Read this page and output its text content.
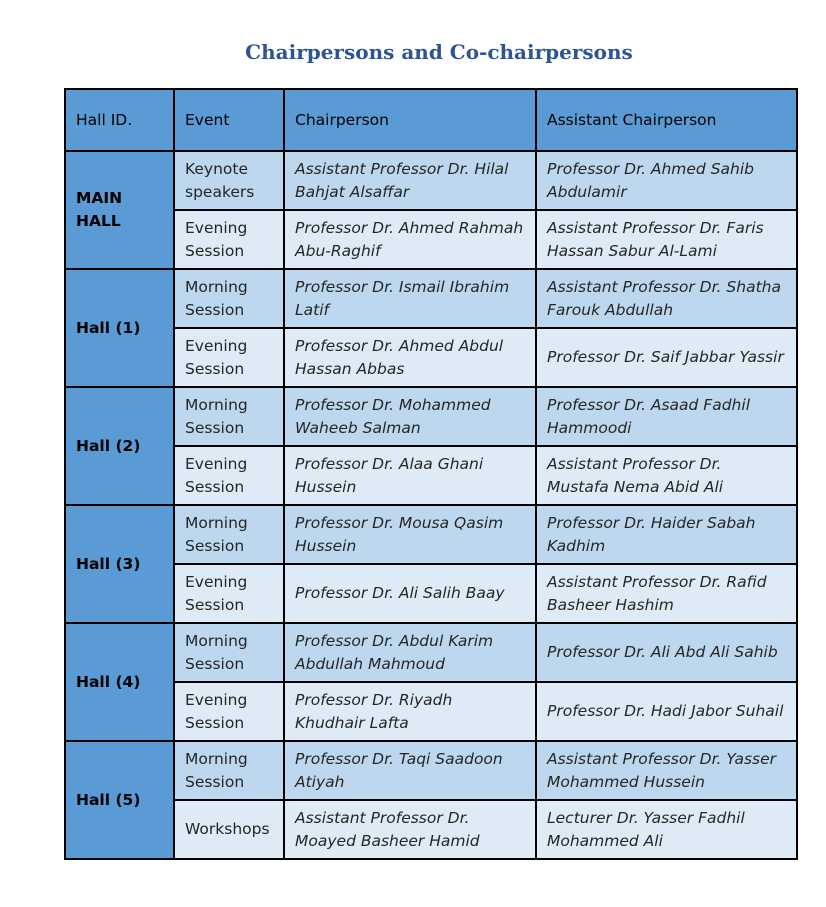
Chairpersons and Co-chairpersons
Hall ID.	Event	Chairperson	Assistant Chairperson
MAIN HALL	Keynote speakers	Assistant Professor Dr. Hilal Bahjat Alsaffar	Professor Dr. Ahmed Sahib Abdulamir
	Evening Session	Professor Dr. Ahmed Rahmah Abu-Raghif	Assistant Professor Dr. Faris Hassan Sabur Al-Lami
Hall (1)	Morning Session	Professor Dr. Ismail Ibrahim Latif	Assistant Professor Dr. Shatha Farouk Abdullah
	Evening Session	Professor Dr. Ahmed Abdul Hassan Abbas	Professor Dr. Saif Jabbar Yassir
Hall (2)	Morning Session	Professor Dr. Mohammed Waheeb Salman	Professor Dr. Asaad Fadhil Hammoodi
	Evening Session	Professor Dr. Alaa Ghani Hussein	Assistant Professor Dr. Mustafa Nema Abid Ali
Hall (3)	Morning Session	Professor Dr. Mousa Qasim Hussein	Professor Dr. Haider Sabah Kadhim
	Evening Session	Professor Dr. Ali Salih Baay	Assistant Professor Dr. Rafid Basheer Hashim
Hall (4)	Morning Session	Professor Dr. Abdul Karim Abdullah Mahmoud	Professor Dr. Ali Abd Ali Sahib
	Evening Session	Professor Dr. Riyadh Khudhair Lafta	Professor Dr. Hadi Jabor Suhail
Hall (5)	Morning Session	Professor Dr. Taqi Saadoon Atiyah	Assistant Professor Dr. Yasser Mohammed Hussein
	Workshops	Assistant Professor Dr. Moayed Basheer Hamid	Lecturer Dr. Yasser Fadhil Mohammed Ali
